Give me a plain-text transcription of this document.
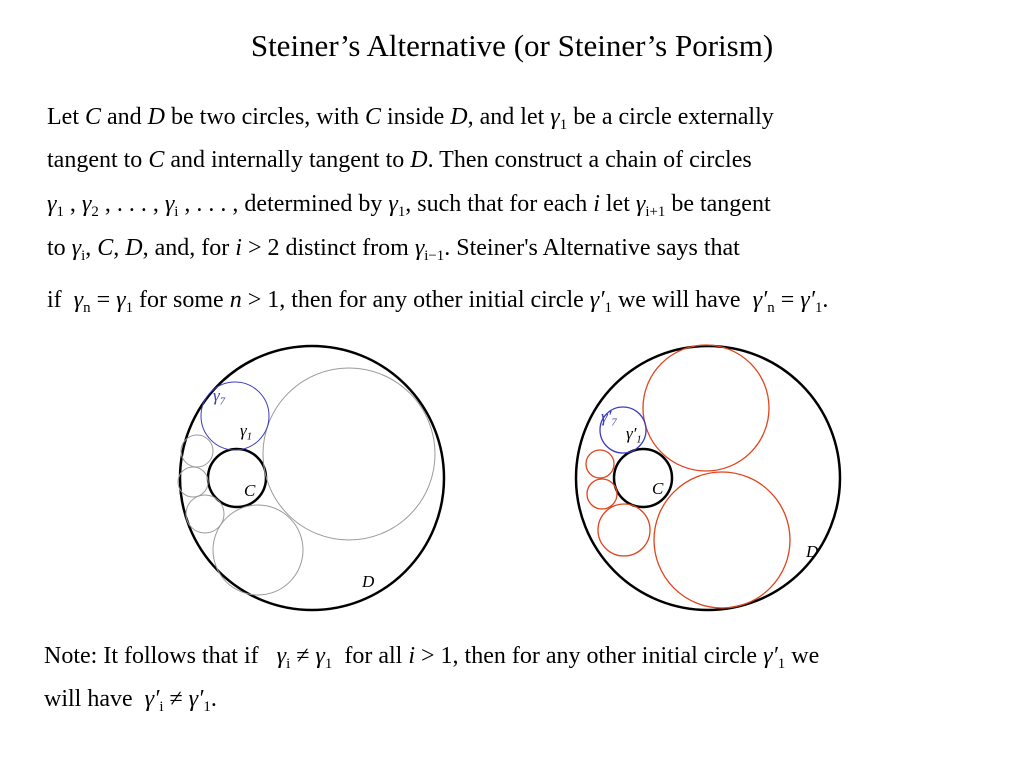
Steiner’s Alternative (or Steiner’s Porism)
Let C and D be two circles, with C inside D, and let $\gamma_1$ be a circle externally
tangent to C and internally tangent to D. Then construct a chain of circles
$\gamma_1$ , $\gamma_2$ , . . . , $\gamma_i$ , . . . , determined by $\gamma_1$, such that for each i let $\gamma_{i+1}$ be tangent
to $\gamma_i$, C, D, and, for i > 2 distinct from $\gamma_{i-1}$. Steiner's Alternative says that
if $\gamma_n = \gamma_1$ for some n > 1, then for any other initial circle $\gamma'_1$ we will have $\gamma'_n = \gamma'_1$.
$\gamma_7$
$\gamma_1$
C
D
$\gamma'_7$
$\gamma'_1$
C
D
Note: It follows that if $\gamma_i \ne \gamma_1$ for all i > 1, then for any other initial circle $\gamma'_1$ we
will have $\gamma'_i \ne \gamma'_1$.
